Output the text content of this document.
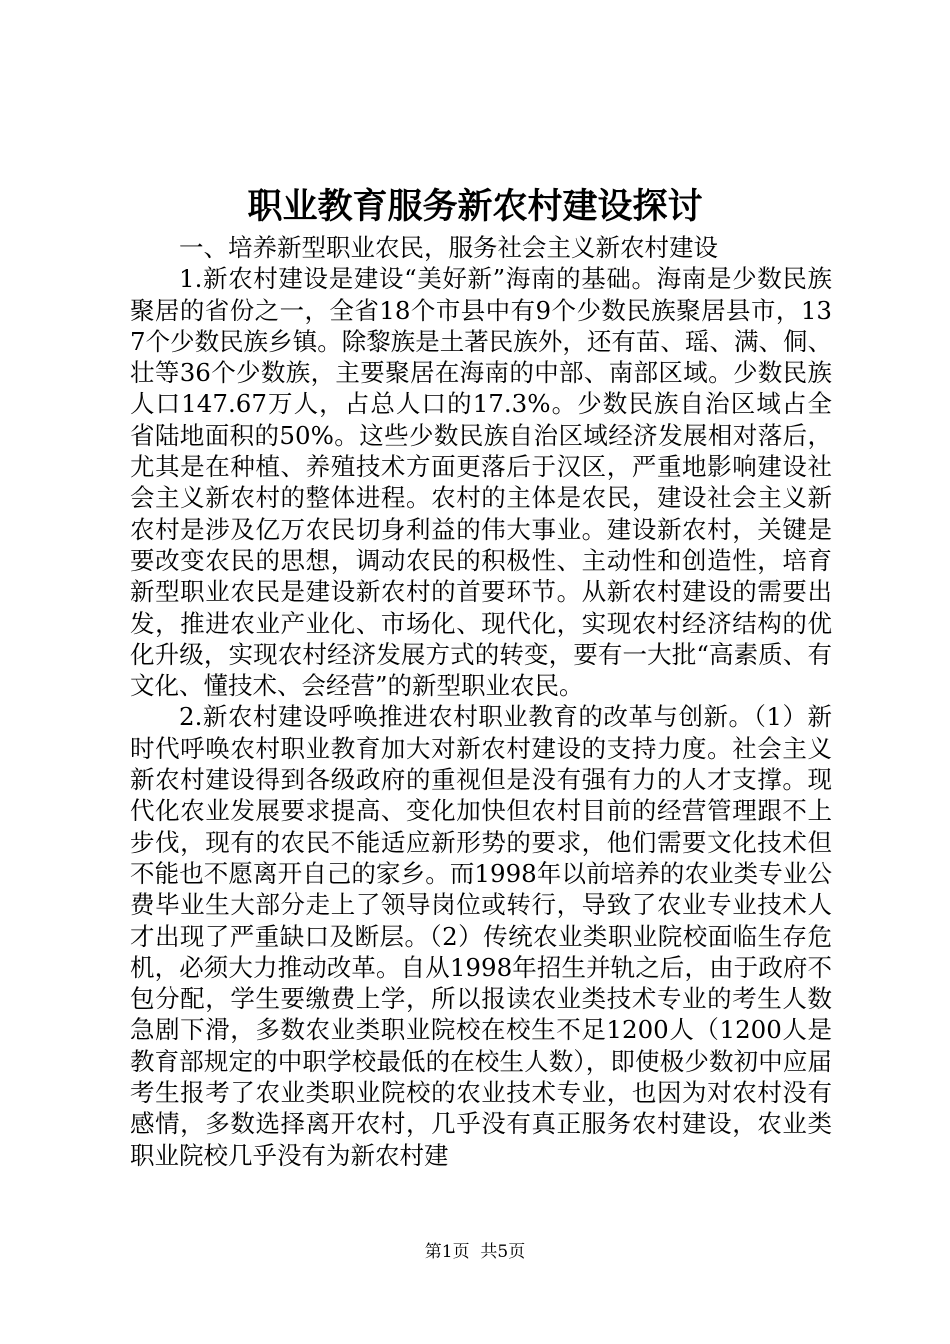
职业教育服务新农村建设探讨

一、培养新型职业农民，服务社会主义新农村建设

1.新农村建设是建设“美好新”海南的基础。海南是少数民族聚居的省份之一，全省18个市县中有9个少数民族聚居县市，137个少数民族乡镇。除黎族是土著民族外，还有苗、瑶、满、侗、壮等36个少数族，主要聚居在海南的中部、南部区域。少数民族人口147.67万人，占总人口的17.3%。少数民族自治区域占全省陆地面积的50%。这些少数民族自治区域经济发展相对落后，尤其是在种植、养殖技术方面更落后于汉区，严重地影响建设社会主义新农村的整体进程。农村的主体是农民，建设社会主义新农村是涉及亿万农民切身利益的伟大事业。建设新农村，关键是要改变农民的思想，调动农民的积极性、主动性和创造性，培育新型职业农民是建设新农村的首要环节。从新农村建设的需要出发，推进农业产业化、市场化、现代化，实现农村经济结构的优化升级，实现农村经济发展方式的转变，要有一大批“高素质、有文化、懂技术、会经营”的新型职业农民。

2.新农村建设呼唤推进农村职业教育的改革与创新。（1）新时代呼唤农村职业教育加大对新农村建设的支持力度。社会主义新农村建设得到各级政府的重视但是没有强有力的人才支撑。现代化农业发展要求提高、变化加快但农村目前的经营管理跟不上步伐，现有的农民不能适应新形势的要求，他们需要文化技术但不能也不愿离开自己的家乡。而1998年以前培养的农业类专业公费毕业生大部分走上了领导岗位或转行，导致了农业专业技术人才出现了严重缺口及断层。（2）传统农业类职业院校面临生存危机，必须大力推动改革。自从1998年招生并轨之后，由于政府不包分配，学生要缴费上学，所以报读农业类技术专业的考生人数急剧下滑，多数农业类职业院校在校生不足1200人（1200人是教育部规定的中职学校最低的在校生人数），即使极少数初中应届考生报考了农业类职业院校的农业技术专业，也因为对农村没有感情，多数选择离开农村，几乎没有真正服务农村建设，农业类职业院校几乎没有为新农村建

第1页 共5页
